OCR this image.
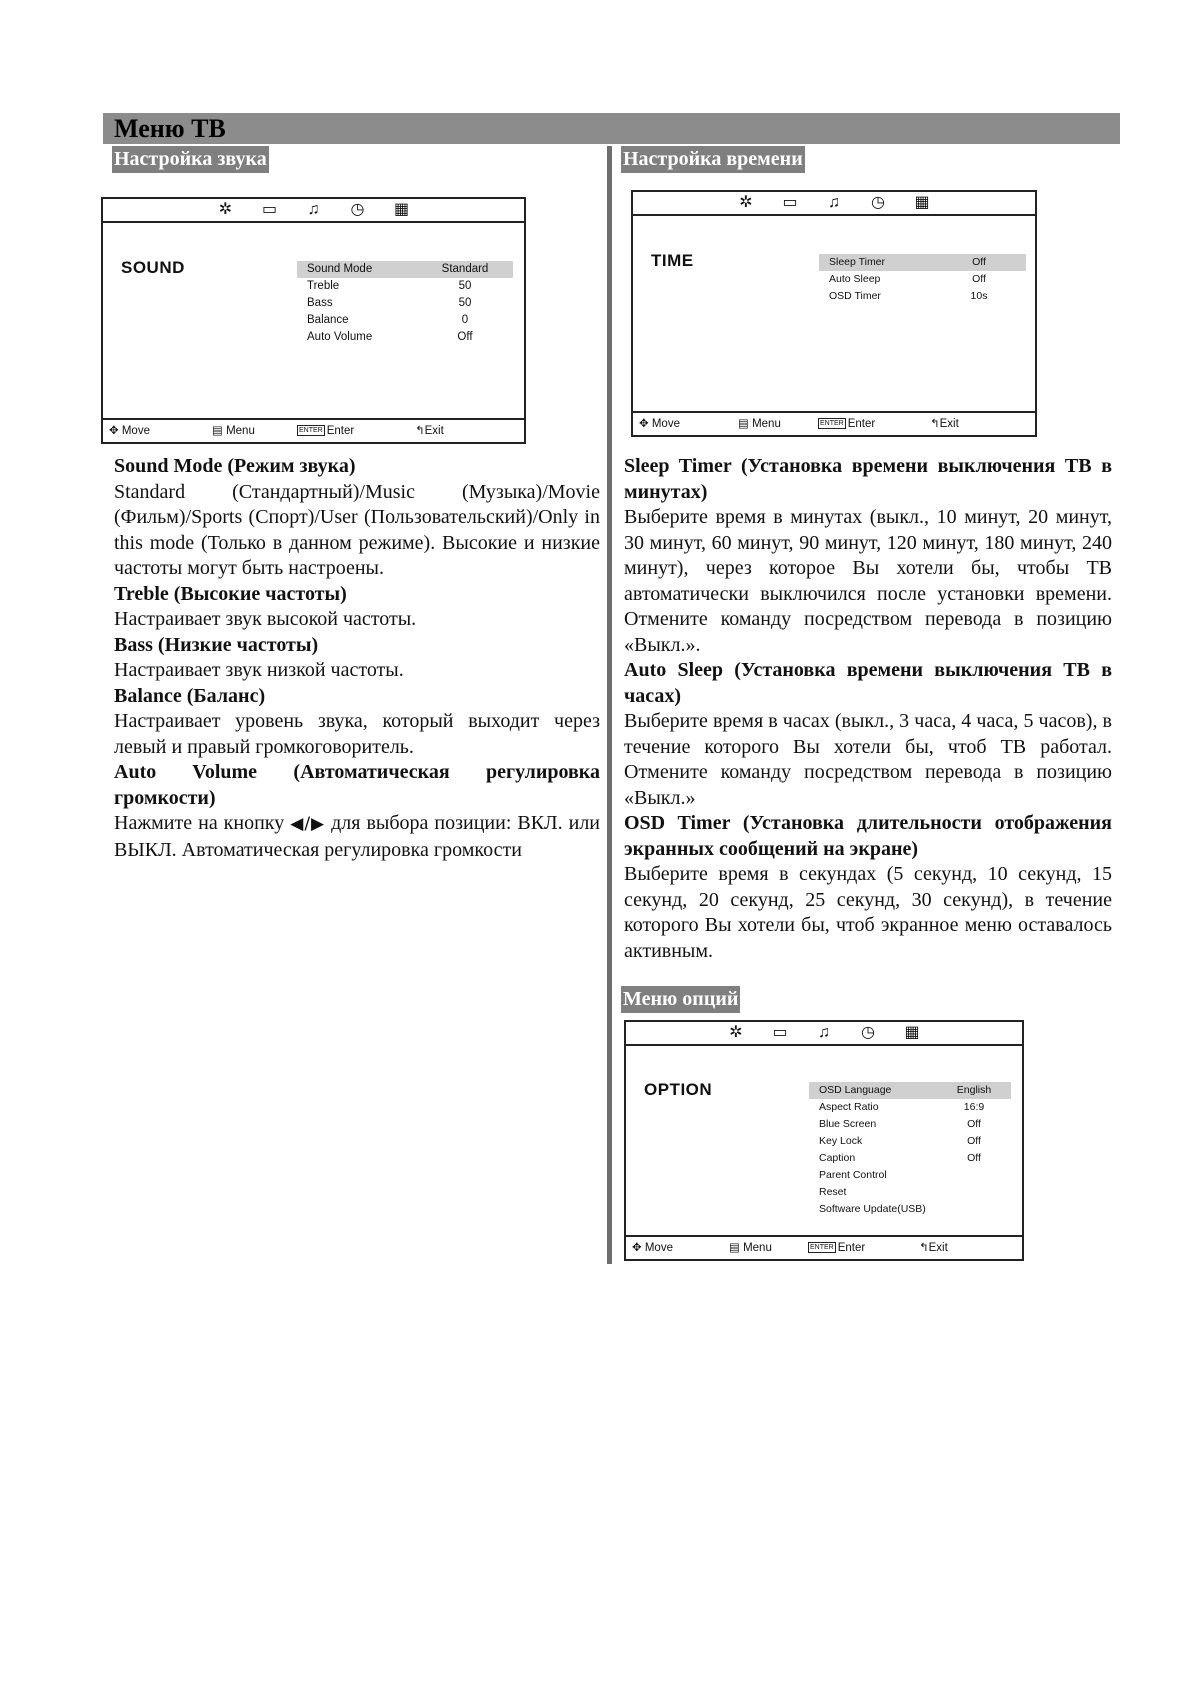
Меню ТВ
Настройка звука	Настройка времени
Меню опций
✲ ▭ ♫ ◷ ▦
SOUND	Sound Mode	Standard
Treble	50
Bass	50
Balance	0
Auto Volume	Off
✥ Move	▤ Menu	ENTER Enter	↰Exit
✲ ▭ ♫ ◷ ▦
TIME	Sleep Timer	Off
Auto Sleep	Off
OSD Timer	10s
✥ Move	▤ Menu	ENTER Enter	↰Exit
✲ ▭ ♫ ◷ ▦
OPTION	OSD Language	English
Aspect Ratio	16:9
Blue Screen	Off
Key Lock	Off
Caption	Off
Parent Control
Reset
Software Update(USB)
✥ Move	▤ Menu	ENTER Enter	↰Exit

Sound Mode (Режим звука)

Standard (Стандартный)/Music (Музыка)/Movie (Фильм)/Sports (Спорт)/User (Пользовательский)/Only in this mode (Только в данном режиме). Высокие и низкие частоты могут быть настроены.

Treble (Высокие частоты)

Настраивает звук высокой частоты.

Bass (Низкие частоты)

Настраивает звук низкой частоты.

Balance (Баланс)

Настраивает уровень звука, который выходит через левый и правый громкоговоритель.

Auto Volume (Автоматическая регулировка громкости)

Нажмите на кнопку ◀/▶ для выбора позиции: ВКЛ. или ВЫКЛ. Автоматическая регулировка громкости

Sleep Timer (Установка времени выключения ТВ в минутах)

Выберите время в минутах (выкл., 10 минут, 20 минут, 30 минут, 60 минут, 90 минут, 120 минут, 180 минут, 240 минут), через которое Вы хотели бы, чтобы ТВ автоматически выключился после установки времени. Отмените команду посредством перевода в позицию «Выкл.».

Auto Sleep (Установка времени выключения ТВ в часах)

Выберите время в часах (выкл., 3 часа, 4 часа, 5 часов), в течение которого Вы хотели бы, чтоб ТВ работал. Отмените команду посредством перевода в позицию «Выкл.»

OSD Timer (Установка длительности отображения экранных сообщений на экране)

Выберите время в секундах (5 секунд, 10 секунд, 15 секунд, 20 секунд, 25 секунд, 30 секунд), в течение которого Вы хотели бы, чтоб экранное меню оставалось активным.
